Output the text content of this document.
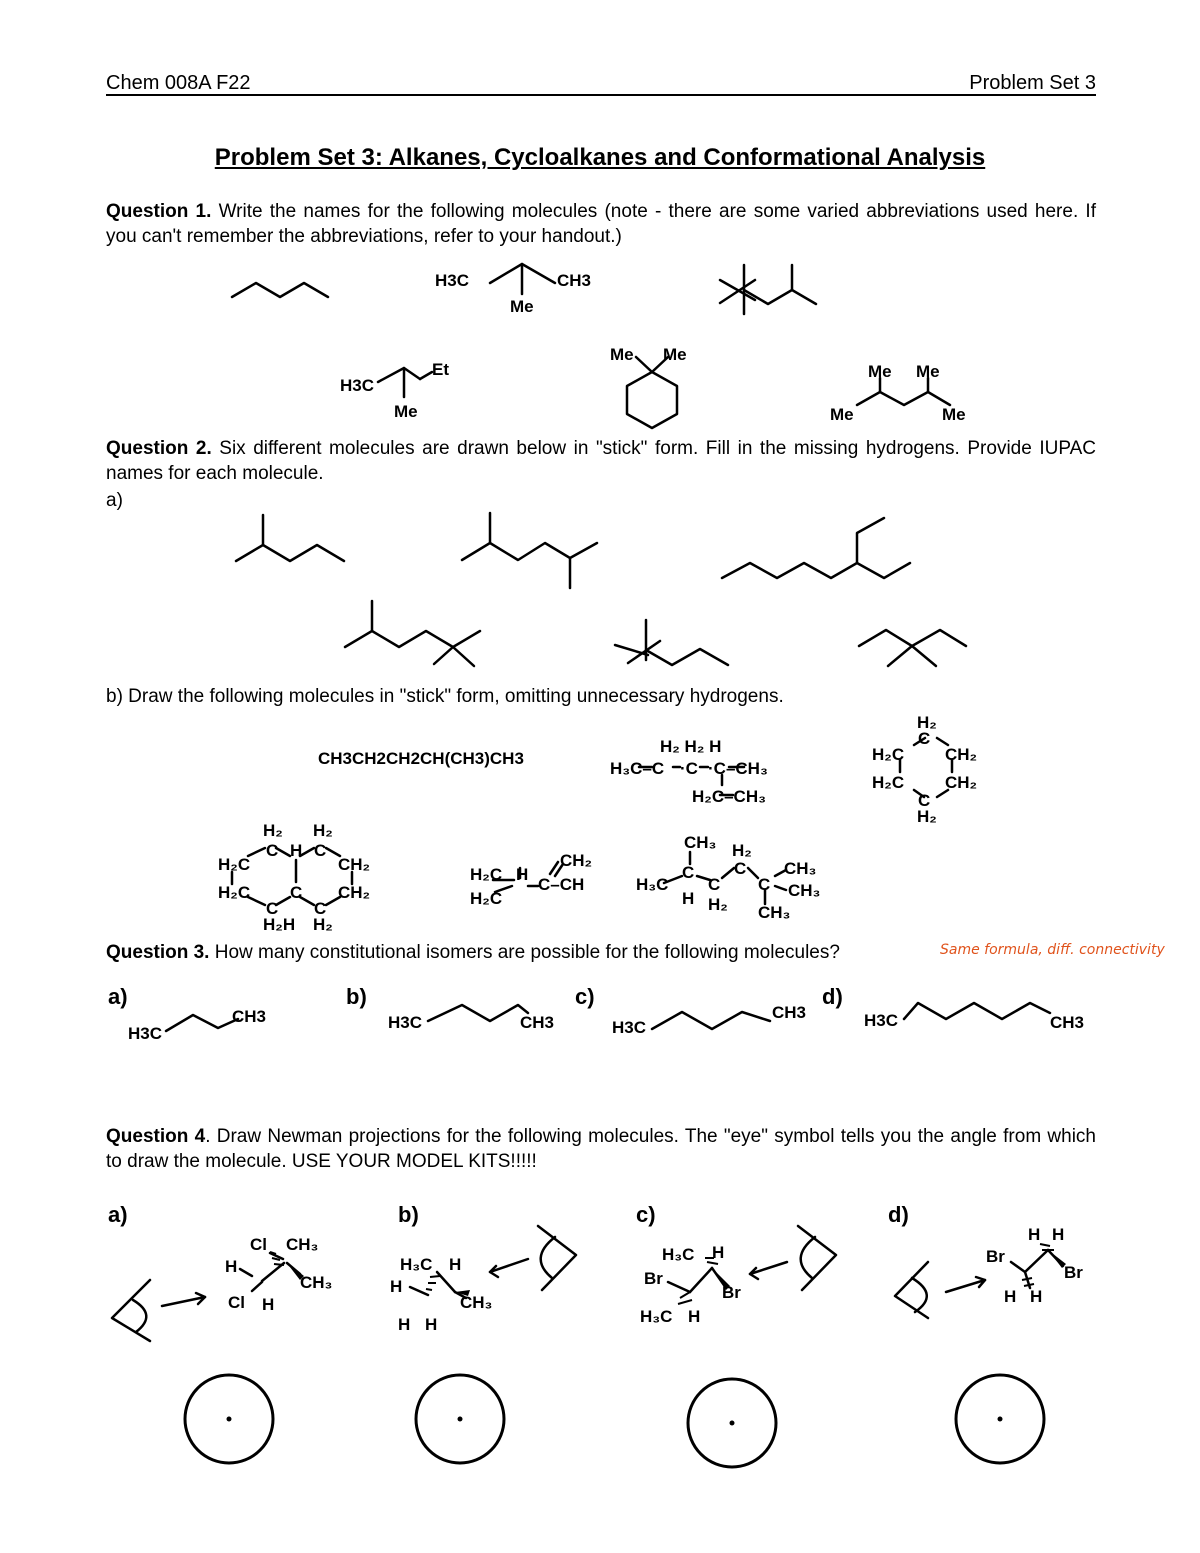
Chem 008A F22	Problem Set 3
Problem Set 3: Alkanes, Cycloalkanes and Conformational Analysis
Question 1. Write the names for the following molecules (note - there are some varied abbreviations used here. If you can't remember the abbreviations, refer to your handout.)
H3C	CH3
Me
H3C
Et
Me
Me Me
Me Me
Me	Me
Question 2. Six different molecules are drawn below in "stick" form. Fill in the missing hydrogens. Provide IUPAC names for each molecule.
a)
b) Draw the following molecules in "stick" form, omitting unnecessary hydrogens.
CH3CH2CH2CH(CH3)CH3
H₃C–C
H₂ H₂ H
·C ·C–CH₃
H₂C–CH₃
H₂
C
H₂C CH₂
H₂C CH₂
C
H₂
H₂ H₂
C H C
H₂C	CH₂
H₂C C CH₂
C C
H₂H H₂
H₂C H
CH₂
H₂C
C–CH
CH₃ H₂
H₃C
C
C
C
C
CH₃
CH₃
H H₂ CH₃
Question 3. How many constitutional isomers are possible for the following molecules?	Same formula, diff. connectivity
a)	b)	c)	d)
H3C
CH3	H3C	CH3	H3C
CH3	H3C	CH3
Question 4. Draw Newman projections for the following molecules. The "eye" symbol tells you the angle from which to draw the molecule. USE YOUR MODEL KITS!!!!!
a)	b)	c)	d)
Cl CH₃
H
CH₃
Cl H
H₃C H
H
CH₃
H H
H₃C H
Br
Br
H₃C H
H H
Br
Br
H H
